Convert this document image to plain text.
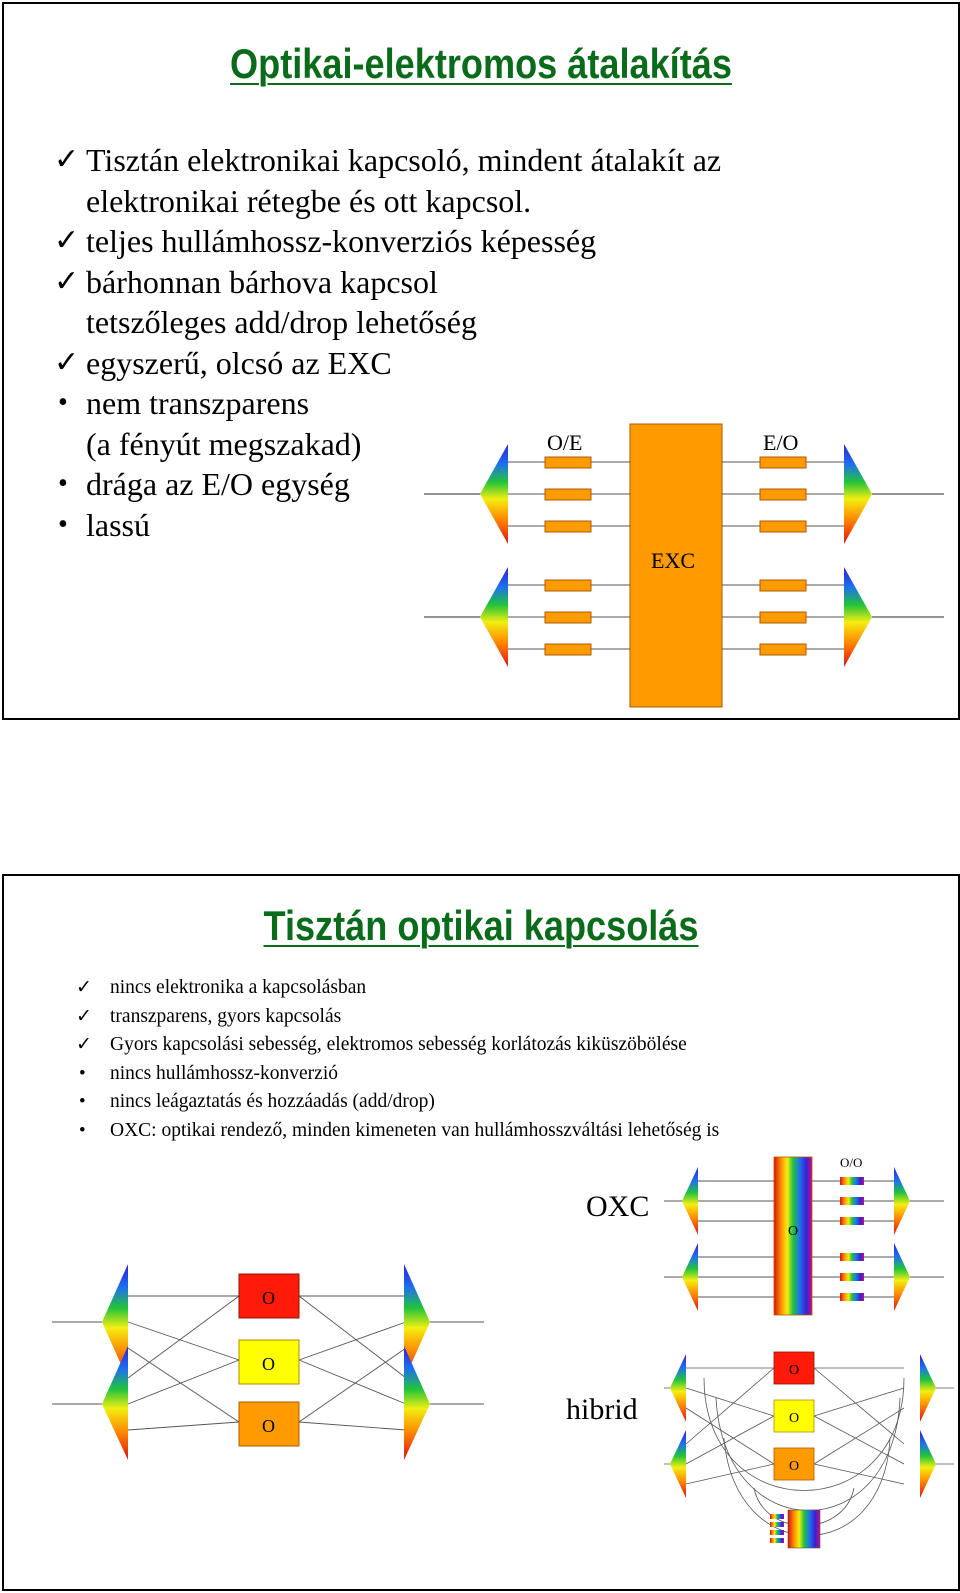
Optikai-elektromos átalakítás
✓ Tisztán elektronikai kapcsoló, mindent átalakít az
elektronikai rétegbe és ott kapcsol.
✓ teljes hullámhossz-konverziós képesség
✓ bárhonnan bárhova kapcsol
tetszőleges add/drop lehetőség
✓ egyszerű, olcsó az EXC
• nem transzparens
(a fényút megszakad)
• drága az E/O egység
• lassú
O/E	E/O
EXC
Tisztán optikai kapcsolás
✓ nincs elektronika a kapcsolásban
✓ transzparens, gyors kapcsolás
✓ Gyors kapcsolási sebesség, elektromos sebesség korlátozás kiküszöbölése
• nincs hullámhossz-konverzió
• nincs leágaztatás és hozzáadás (add/drop)
• OXC: optikai rendező, minden kimeneten van hullámhosszváltási lehetőség is
O/O
O
OXC
hibrid
O
O
O
O
O
O
